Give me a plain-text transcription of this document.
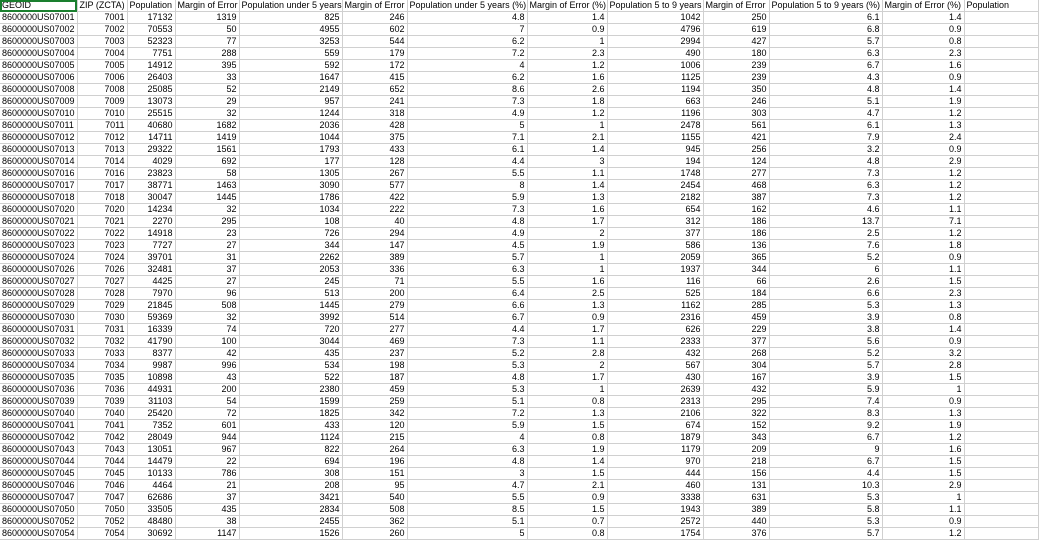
GEOID	ZIP (ZCTA)	Population	Margin of Error	Population under 5 years	Margin of Error	Population under 5 years (%)	Margin of Error (%)	Population 5 to 9 years	Margin of Error	Population 5 to 9 years (%)	Margin of Error (%)	Population
8600000US07001	7001	17132	1319	825	246	4.8	1.4	1042	250	6.1	1.4	
8600000US07002	7002	70553	50	4955	602	7	0.9	4796	619	6.8	0.9	
8600000US07003	7003	52323	77	3253	544	6.2	1	2994	427	5.7	0.8	
8600000US07004	7004	7751	288	559	179	7.2	2.3	490	180	6.3	2.3	
8600000US07005	7005	14912	395	592	172	4	1.2	1006	239	6.7	1.6	
8600000US07006	7006	26403	33	1647	415	6.2	1.6	1125	239	4.3	0.9	
8600000US07008	7008	25085	52	2149	652	8.6	2.6	1194	350	4.8	1.4	
8600000US07009	7009	13073	29	957	241	7.3	1.8	663	246	5.1	1.9	
8600000US07010	7010	25515	32	1244	318	4.9	1.2	1196	303	4.7	1.2	
8600000US07011	7011	40680	1682	2036	428	5	1	2478	561	6.1	1.3	
8600000US07012	7012	14711	1419	1044	375	7.1	2.1	1155	421	7.9	2.4	
8600000US07013	7013	29322	1561	1793	433	6.1	1.4	945	256	3.2	0.9	
8600000US07014	7014	4029	692	177	128	4.4	3	194	124	4.8	2.9	
8600000US07016	7016	23823	58	1305	267	5.5	1.1	1748	277	7.3	1.2	
8600000US07017	7017	38771	1463	3090	577	8	1.4	2454	468	6.3	1.2	
8600000US07018	7018	30047	1445	1786	422	5.9	1.3	2182	387	7.3	1.2	
8600000US07020	7020	14234	32	1034	222	7.3	1.6	654	162	4.6	1.1	
8600000US07021	7021	2270	295	108	40	4.8	1.7	312	186	13.7	7.1	
8600000US07022	7022	14918	23	726	294	4.9	2	377	186	2.5	1.2	
8600000US07023	7023	7727	27	344	147	4.5	1.9	586	136	7.6	1.8	
8600000US07024	7024	39701	31	2262	389	5.7	1	2059	365	5.2	0.9	
8600000US07026	7026	32481	37	2053	336	6.3	1	1937	344	6	1.1	
8600000US07027	7027	4425	27	245	71	5.5	1.6	116	66	2.6	1.5	
8600000US07028	7028	7970	96	513	200	6.4	2.5	525	184	6.6	2.3	
8600000US07029	7029	21845	508	1445	279	6.6	1.3	1162	285	5.3	1.3	
8600000US07030	7030	59369	32	3992	514	6.7	0.9	2316	459	3.9	0.8	
8600000US07031	7031	16339	74	720	277	4.4	1.7	626	229	3.8	1.4	
8600000US07032	7032	41790	100	3044	469	7.3	1.1	2333	377	5.6	0.9	
8600000US07033	7033	8377	42	435	237	5.2	2.8	432	268	5.2	3.2	
8600000US07034	7034	9987	996	534	198	5.3	2	567	304	5.7	2.8	
8600000US07035	7035	10898	43	522	187	4.8	1.7	430	167	3.9	1.5	
8600000US07036	7036	44931	200	2380	459	5.3	1	2639	432	5.9	1	
8600000US07039	7039	31103	54	1599	259	5.1	0.8	2313	295	7.4	0.9	
8600000US07040	7040	25420	72	1825	342	7.2	1.3	2106	322	8.3	1.3	
8600000US07041	7041	7352	601	433	120	5.9	1.5	674	152	9.2	1.9	
8600000US07042	7042	28049	944	1124	215	4	0.8	1879	343	6.7	1.2	
8600000US07043	7043	13051	967	822	264	6.3	1.9	1179	209	9	1.6	
8600000US07044	7044	14479	22	694	196	4.8	1.4	970	218	6.7	1.5	
8600000US07045	7045	10133	786	308	151	3	1.5	444	156	4.4	1.5	
8600000US07046	7046	4464	21	208	95	4.7	2.1	460	131	10.3	2.9	
8600000US07047	7047	62686	37	3421	540	5.5	0.9	3338	631	5.3	1	
8600000US07050	7050	33505	435	2834	508	8.5	1.5	1943	389	5.8	1.1	
8600000US07052	7052	48480	38	2455	362	5.1	0.7	2572	440	5.3	0.9	
8600000US07054	7054	30692	1147	1526	260	5	0.8	1754	376	5.7	1.2	
